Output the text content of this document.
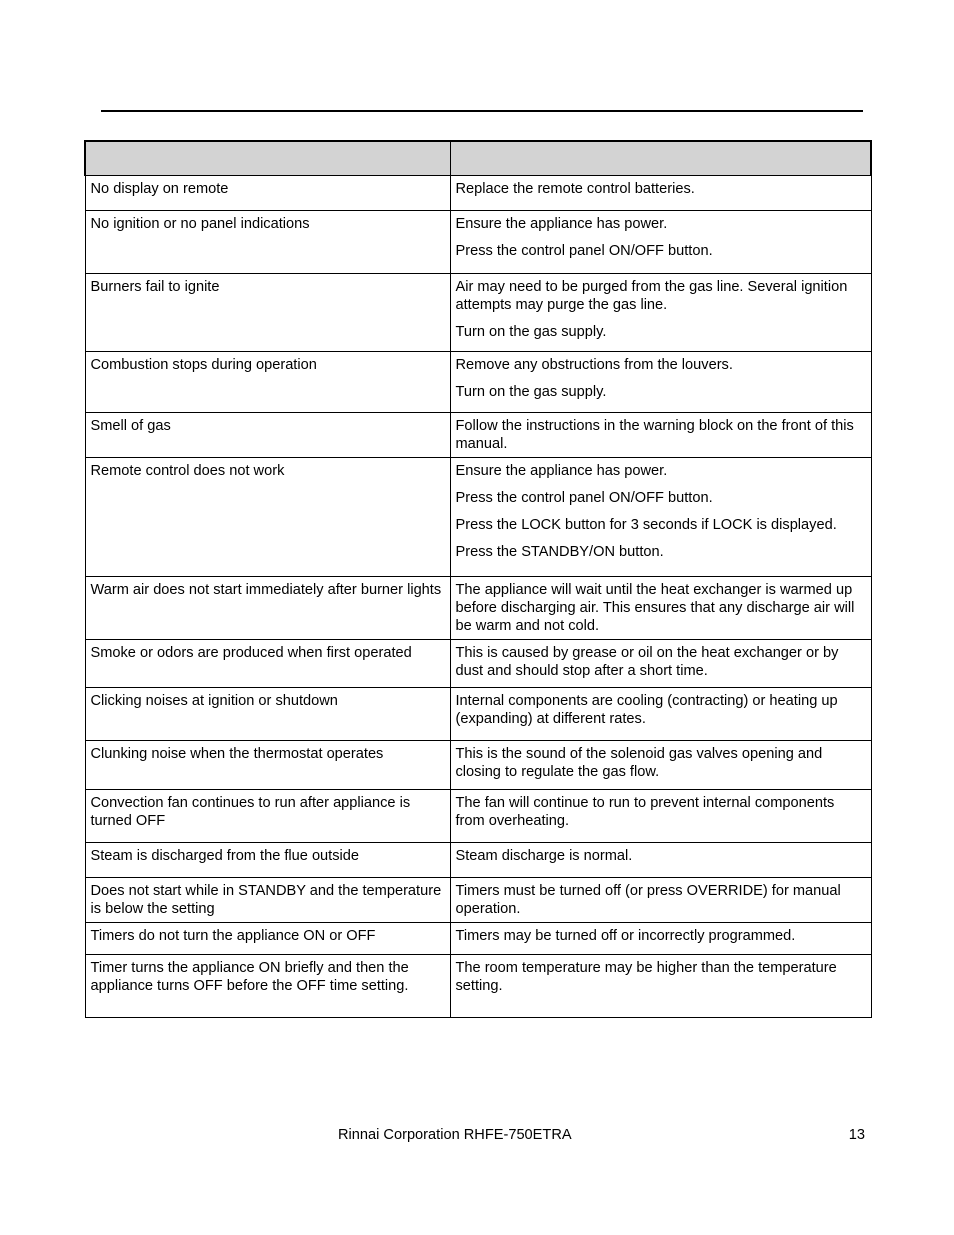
No display on remote	Replace the remote control batteries.

No ignition or no panel indications	Ensure the appliance has power.
Press the control panel ON/OFF button.

Burners fail to ignite	Air may need to be purged from the gas line. Several ignition attempts may purge the gas line.
Turn on the gas supply.

Combustion stops during operation	Remove any obstructions from the louvers.
Turn on the gas supply.

Smell of gas	Follow the instructions in the warning block on the front of this manual.

Remote control does not work	Ensure the appliance has power.
Press the control panel ON/OFF button.
Press the LOCK button for 3 seconds if LOCK is displayed.
Press the STANDBY/ON button.

Warm air does not start immediately after burner lights	The appliance will wait until the heat exchanger is warmed up before discharging air. This ensures that any discharge air will be warm and not cold.

Smoke or odors are produced when first operated	This is caused by grease or oil on the heat exchanger or by dust and should stop after a short time.

Clicking noises at ignition or shutdown	Internal components are cooling (contracting) or heating up (expanding) at different rates.

Clunking noise when the thermostat operates	This is the sound of the solenoid gas valves opening and closing to regulate the gas flow.

Convection fan continues to run after appliance is turned OFF	The fan will continue to run to prevent internal components from overheating.

Steam is discharged from the flue outside	Steam discharge is normal.

Does not start while in STANDBY and the temperature is below the setting	Timers must be turned off (or press OVERRIDE) for manual operation.

Timers do not turn the appliance ON or OFF	Timers may be turned off or incorrectly programmed.

Timer turns the appliance ON briefly and then the appliance turns OFF before the OFF time setting.	The room temperature may be higher than the temperature setting.
Rinnai Corporation RHFE-750ETRA	13
